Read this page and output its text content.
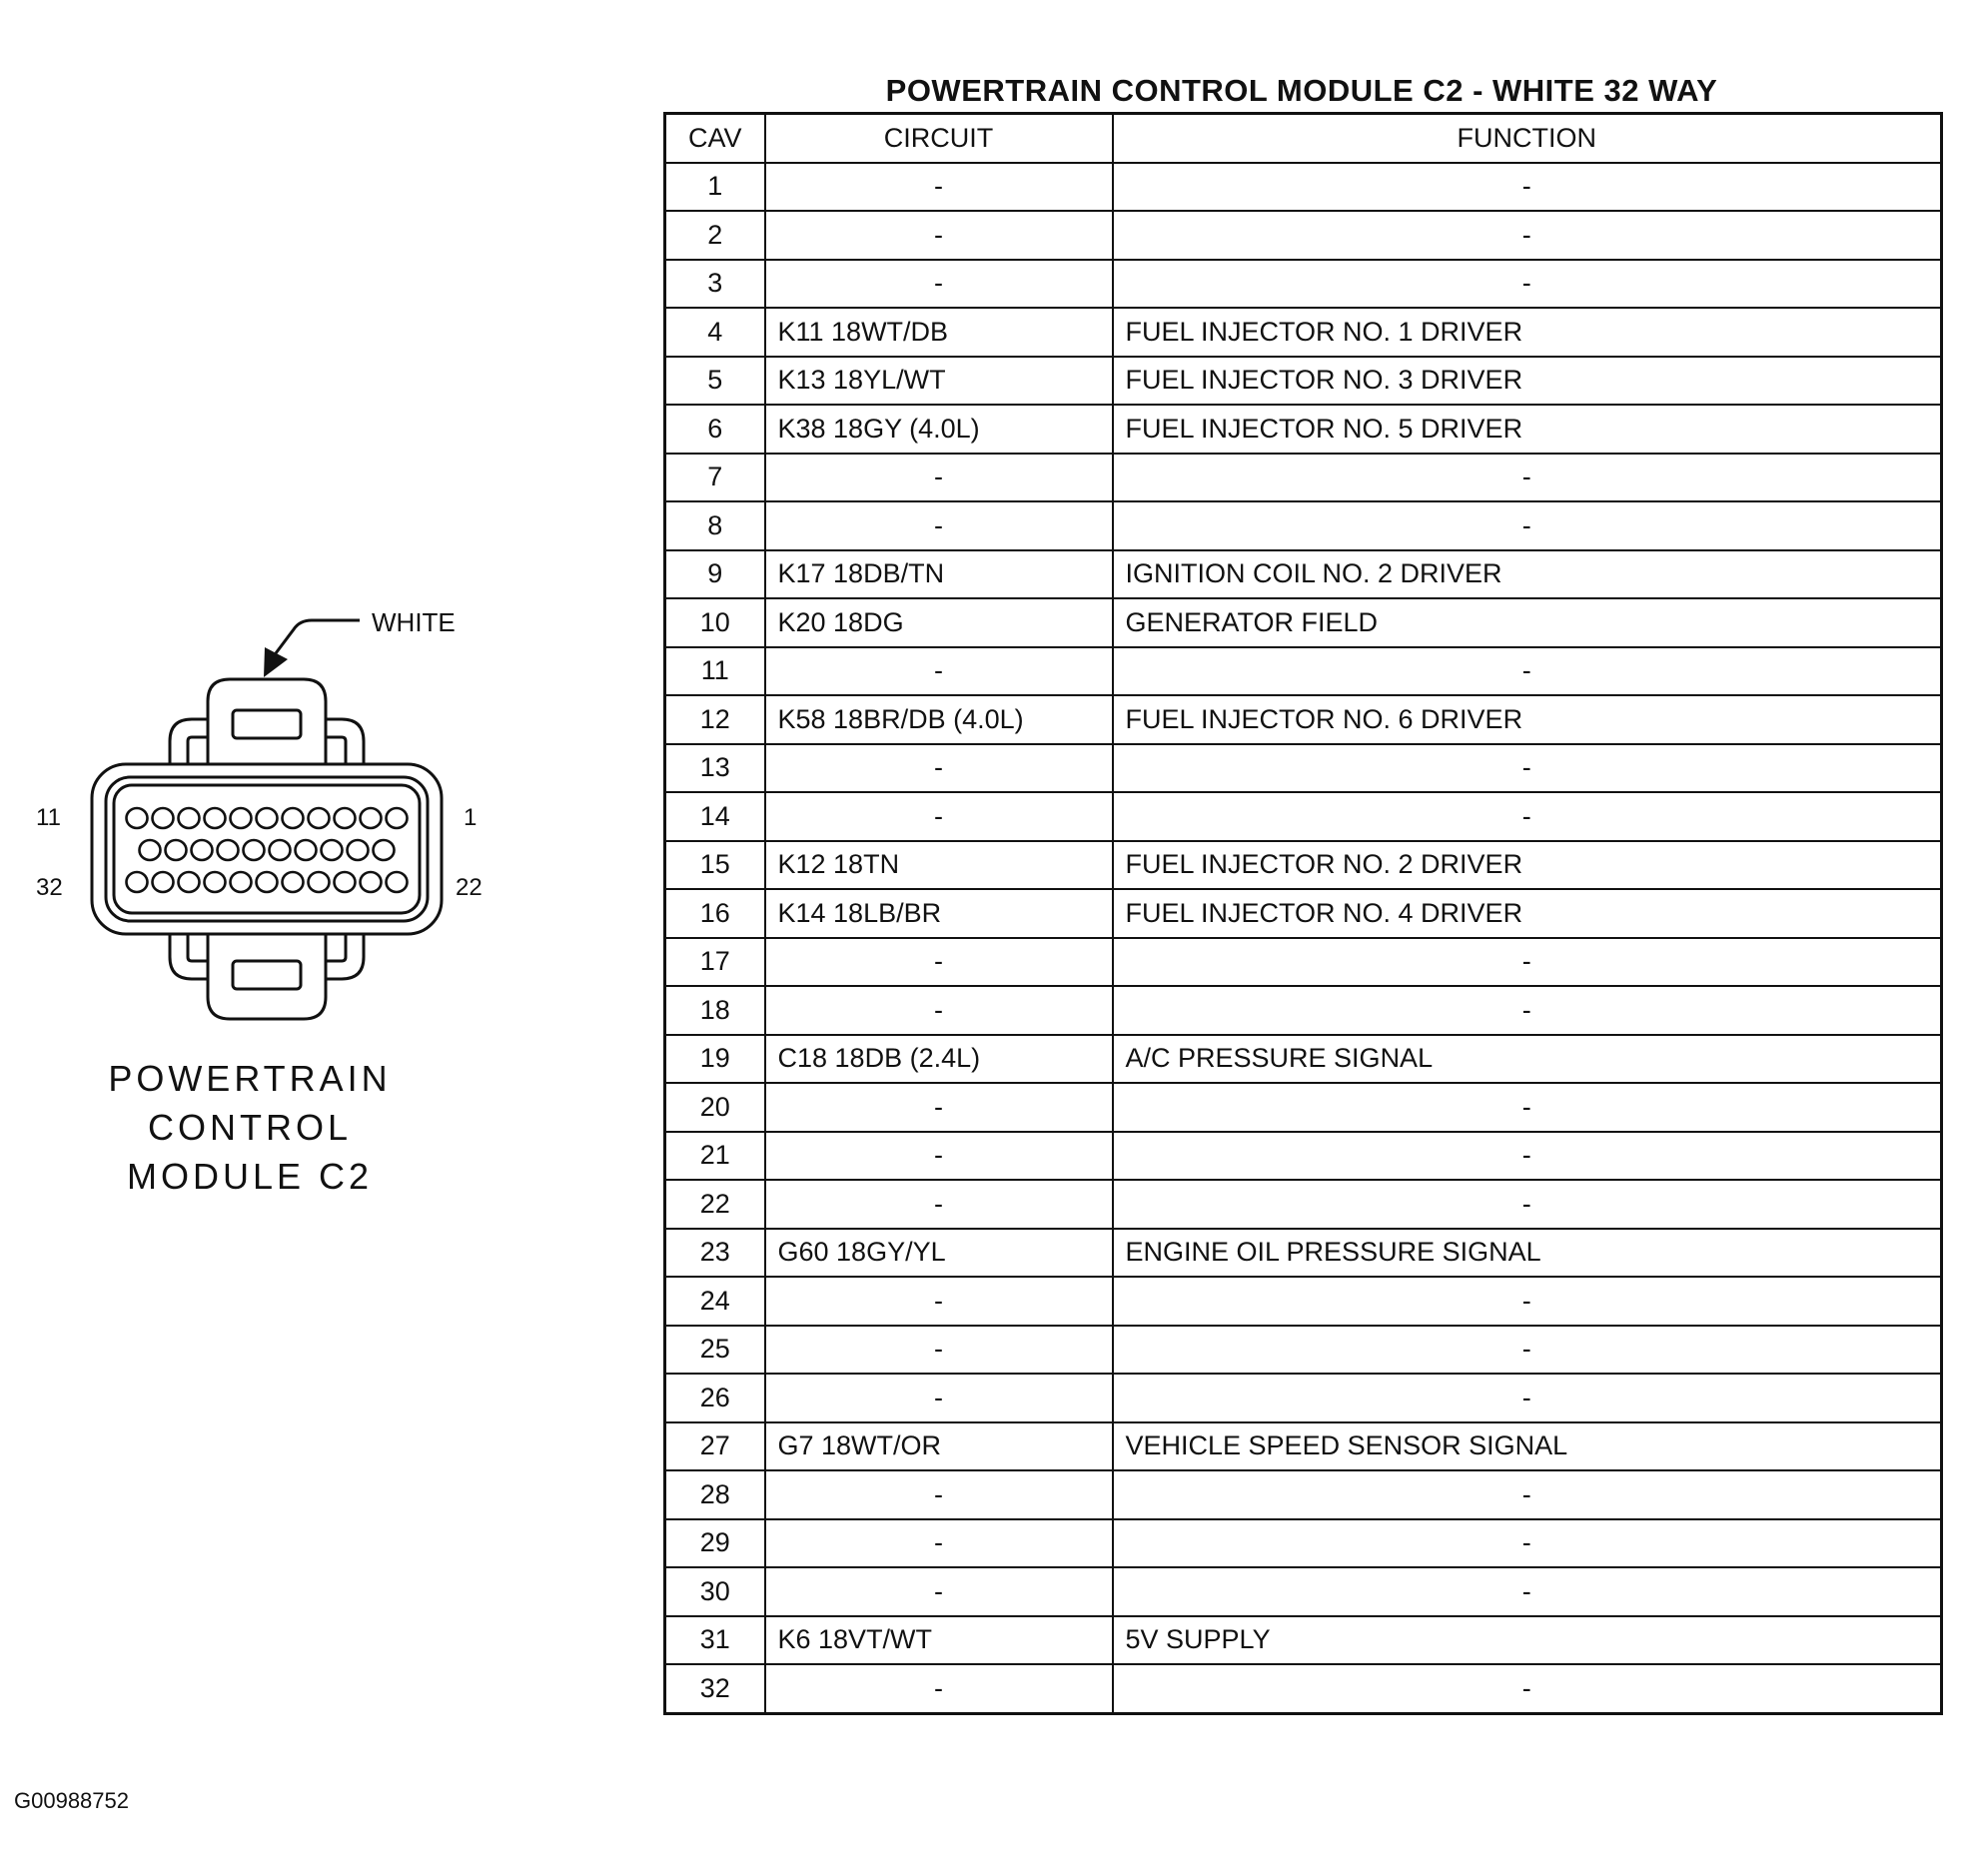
WHITE
11	1
32	22
POWERTRAIN
CONTROL
MODULE C2
POWERTRAIN CONTROL MODULE C2 - WHITE 32 WAY
CAV	CIRCUIT	FUNCTION
1	-	-
2	-	-
3	-	-
4	K11 18WT/DB	FUEL INJECTOR NO. 1 DRIVER
5	K13 18YL/WT	FUEL INJECTOR NO. 3 DRIVER
6	K38 18GY (4.0L)	FUEL INJECTOR NO. 5 DRIVER
7	-	-
8	-	-
9	K17 18DB/TN	IGNITION COIL NO. 2 DRIVER
10	K20 18DG	GENERATOR FIELD
11	-	-
12	K58 18BR/DB (4.0L)	FUEL INJECTOR NO. 6 DRIVER
13	-	-
14	-	-
15	K12 18TN	FUEL INJECTOR NO. 2 DRIVER
16	K14 18LB/BR	FUEL INJECTOR NO. 4 DRIVER
17	-	-
18	-	-
19	C18 18DB (2.4L)	A/C PRESSURE SIGNAL
20	-	-
21	-	-
22	-	-
23	G60 18GY/YL	ENGINE OIL PRESSURE SIGNAL
24	-	-
25	-	-
26	-	-
27	G7 18WT/OR	VEHICLE SPEED SENSOR SIGNAL
28	-	-
29	-	-
30	-	-
31	K6 18VT/WT	5V SUPPLY
32	-	-
G00988752
